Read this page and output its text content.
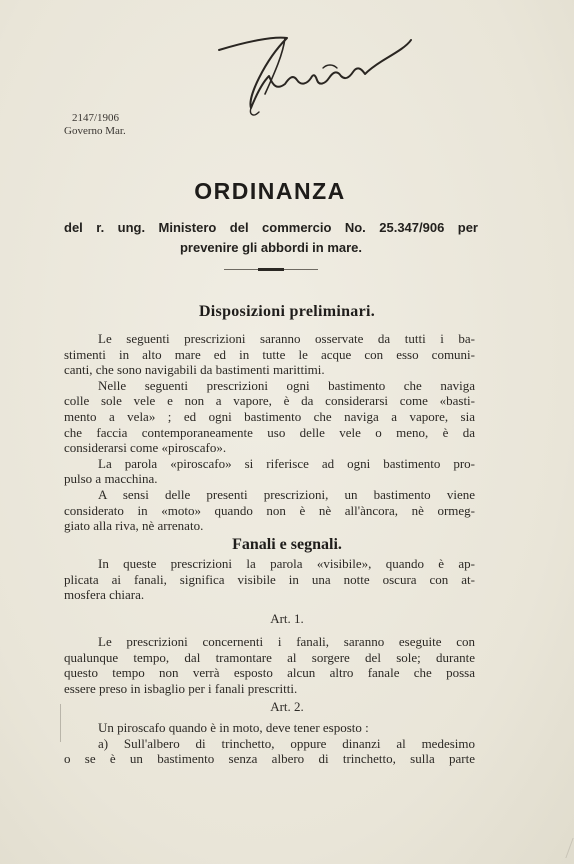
2147/1906
Governo Mar.
ORDINANZA
del r. ung. Ministero del commercio No. 25.347/906 per
prevenire gli abbordi in mare.
Disposizioni preliminari.
Le seguenti prescrizioni saranno osservate da tutti i ba-
stimenti in alto mare ed in tutte le acque con esso comuni-
canti, che sono navigabili da bastimenti marittimi.
Nelle seguenti prescrizioni ogni bastimento che naviga
colle sole vele e non a vapore, è da considerarsi come «basti-
mento a vela» ; ed ogni bastimento che naviga a vapore, sia
che faccia contemporaneamente uso delle vele o meno, è da
considerarsi come «piroscafo».
La parola «piroscafo» si riferisce ad ogni bastimento pro-
pulso a macchina.
A sensi delle presenti prescrizioni, un bastimento viene
considerato in «moto» quando non è nè all'àncora, nè ormeg-
giato alla riva, nè arrenato.
Fanali e segnali.
In queste prescrizioni la parola «visibile», quando è ap-
plicata ai fanali, significa visibile in una notte oscura con at-
mosfera chiara.
Art. 1.
Le prescrizioni concernenti i fanali, saranno eseguite con
qualunque tempo, dal tramontare al sorgere del sole; durante
questo tempo non verrà esposto alcun altro fanale che possa
essere preso in isbaglio per i fanali prescritti.
Art. 2.
Un piroscafo quando è in moto, deve tener esposto :
a) Sull'albero di trinchetto, oppure dinanzi al medesimo
o se è un bastimento senza albero di trinchetto, sulla parte
